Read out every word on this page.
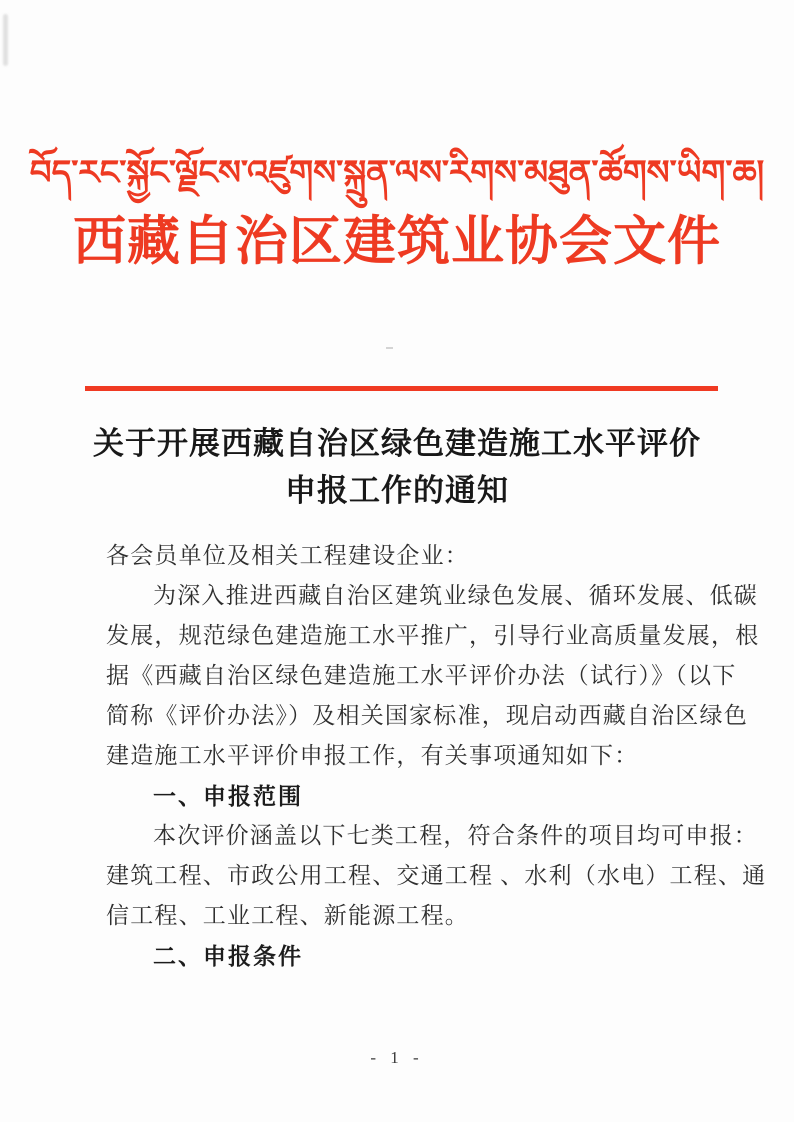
བོད་རང་སྐྱོང་ལྗོངས་འཛུགས་སྐྲུན་ལས་རིགས་མཐུན་ཚོགས་ཡིག་ཆ།
西藏自治区建筑业协会文件
关于开展西藏自治区绿色建造施工水平评价
申报工作的通知
各会员单位及相关工程建设企业：
为深入推进西藏自治区建筑业绿色发展、循环发展、低碳
发展，规范绿色建造施工水平推广，引导行业高质量发展，根
据《西藏自治区绿色建造施工水平评价办法（试行）》（以下
简称《评价办法》）及相关国家标准，现启动西藏自治区绿色
建造施工水平评价申报工作，有关事项通知如下：
一、申报范围
本次评价涵盖以下七类工程，符合条件的项目均可申报：
建筑工程、市政公用工程、交通工程 、水利（水电）工程、通
信工程、工业工程、新能源工程。
二、申报条件
- 1 -
